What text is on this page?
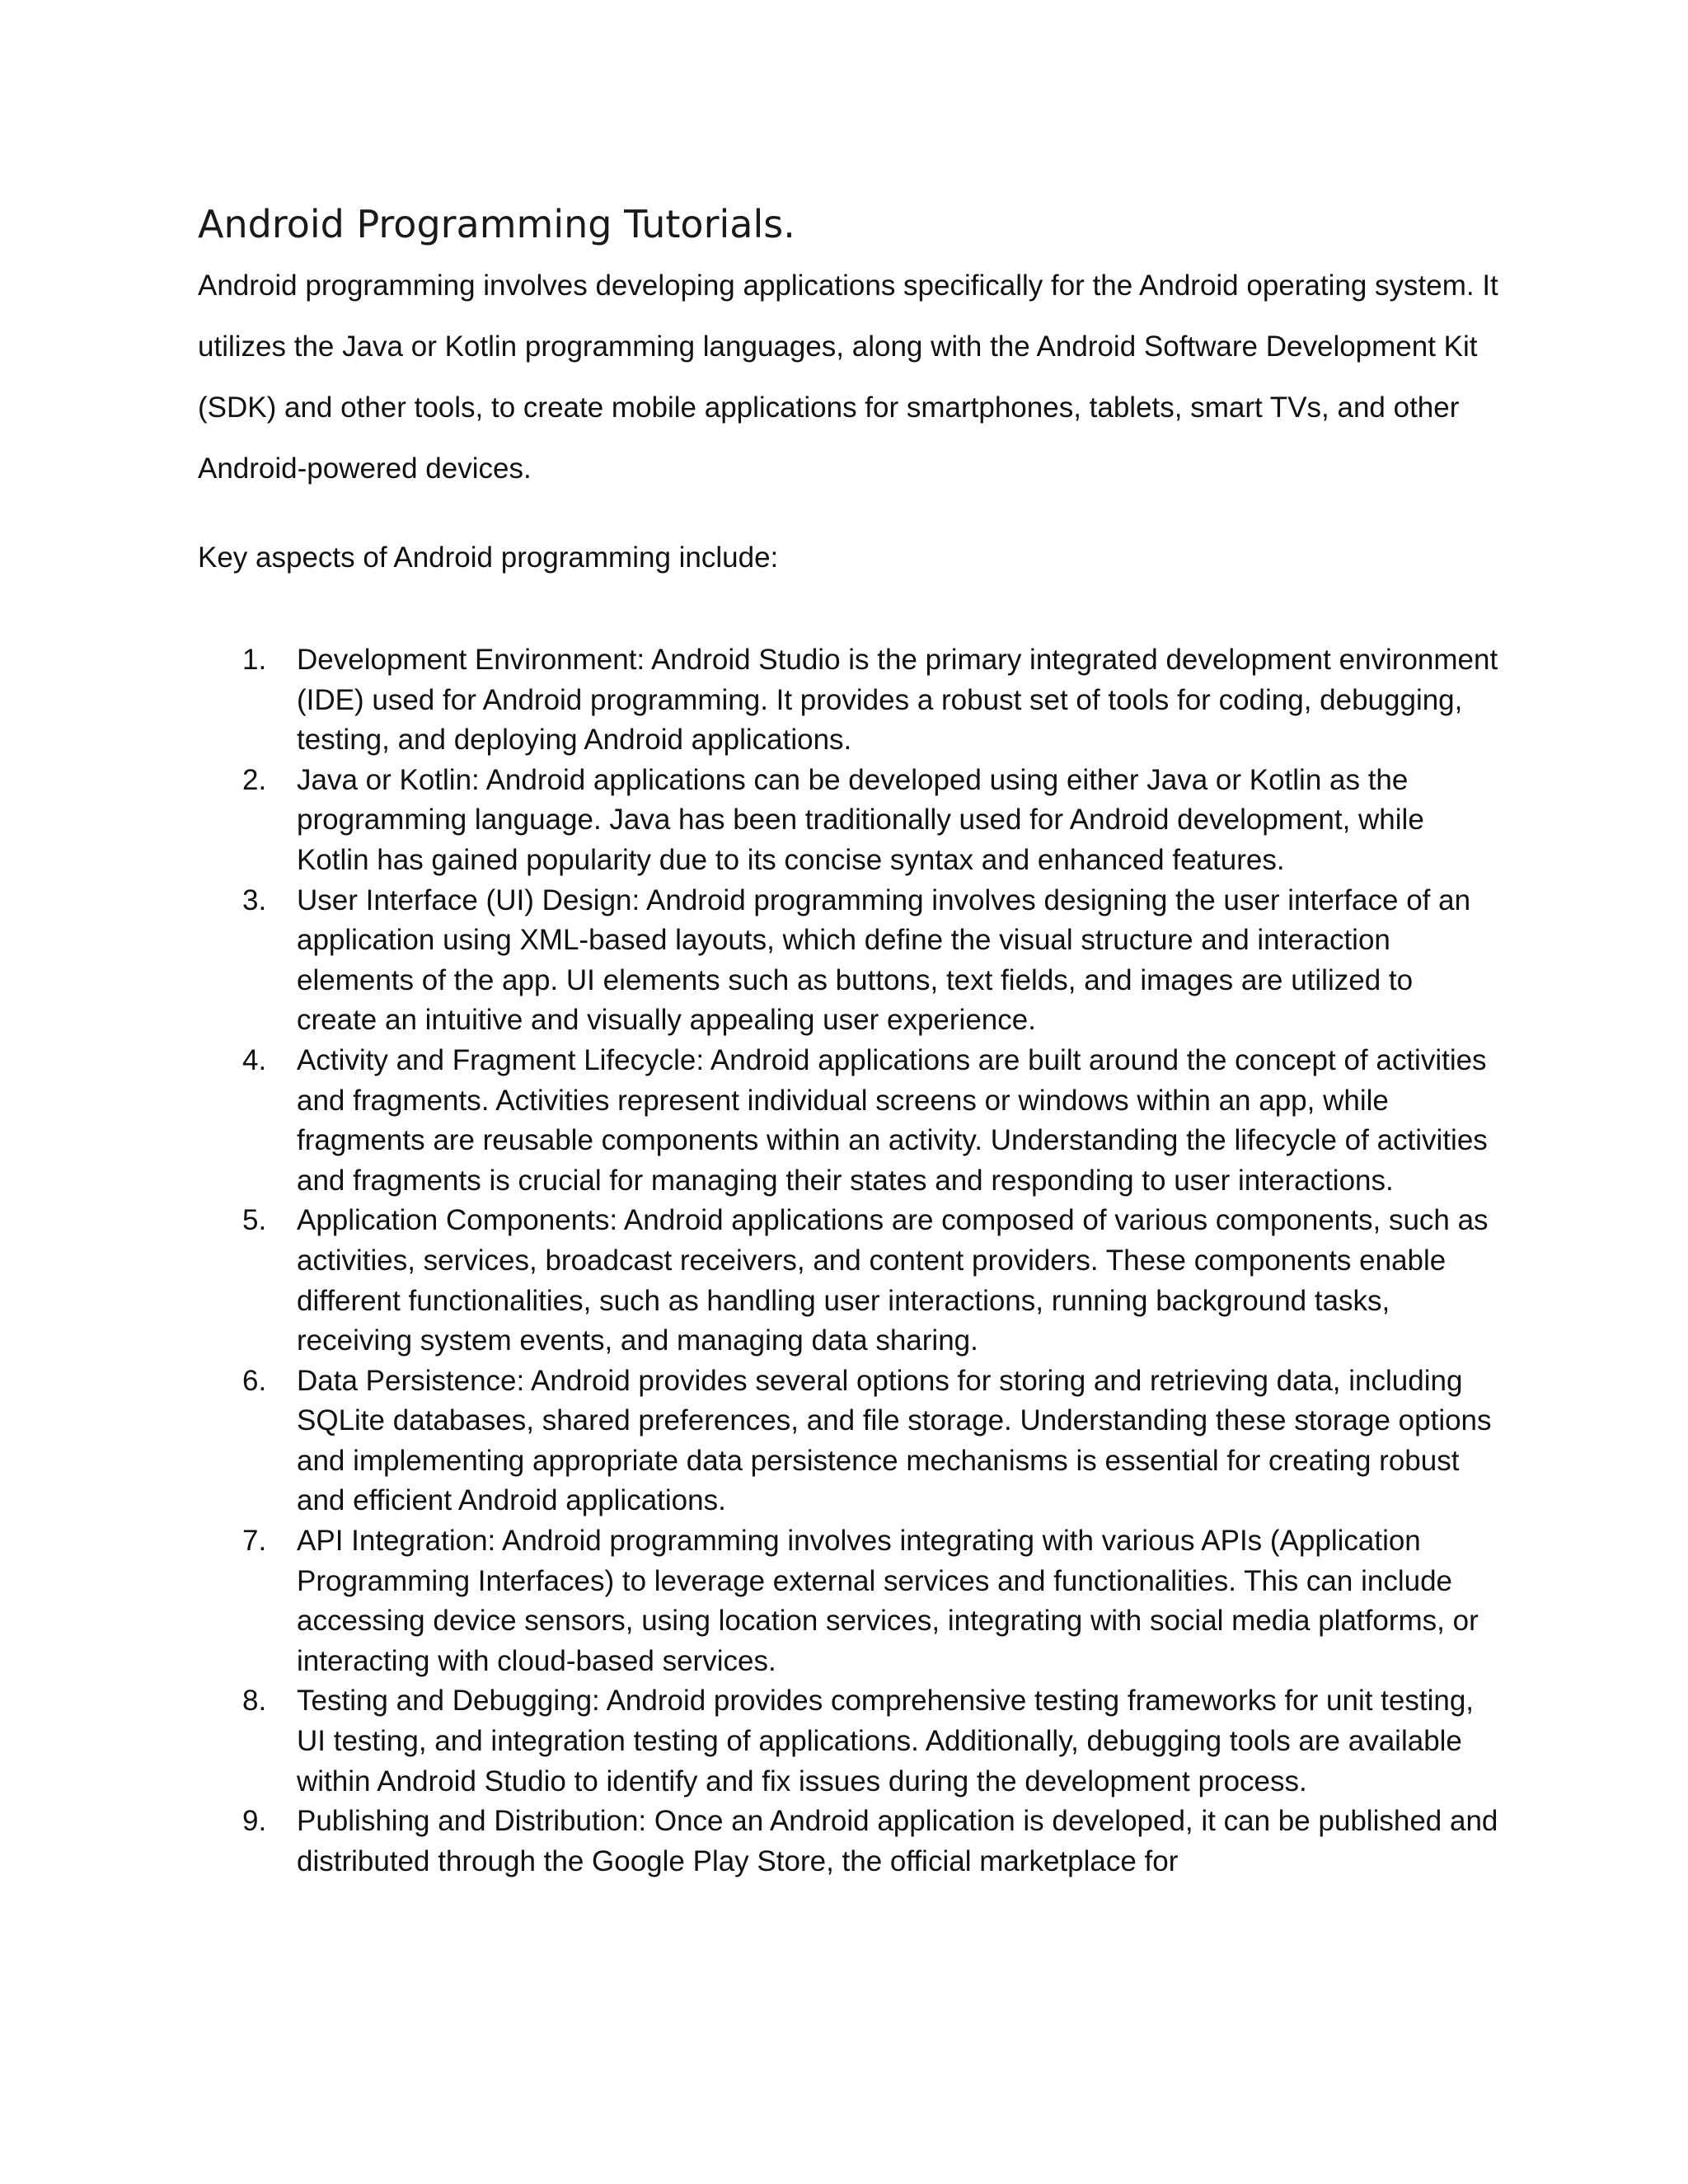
Android Programming Tutorials.

Android programming involves developing applications specifically for the Android operating system. It utilizes the Java or Kotlin programming languages, along with the Android Software Development Kit (SDK) and other tools, to create mobile applications for smartphones, tablets, smart TVs, and other Android-powered devices.

Key aspects of Android programming include:

1. Development Environment: Android Studio is the primary integrated development environment (IDE) used for Android programming. It provides a robust set of tools for coding, debugging, testing, and deploying Android applications.
2. Java or Kotlin: Android applications can be developed using either Java or Kotlin as the programming language. Java has been traditionally used for Android development, while Kotlin has gained popularity due to its concise syntax and enhanced features.
3. User Interface (UI) Design: Android programming involves designing the user interface of an application using XML-based layouts, which define the visual structure and interaction elements of the app. UI elements such as buttons, text fields, and images are utilized to create an intuitive and visually appealing user experience.
4. Activity and Fragment Lifecycle: Android applications are built around the concept of activities and fragments. Activities represent individual screens or windows within an app, while fragments are reusable components within an activity. Understanding the lifecycle of activities and fragments is crucial for managing their states and responding to user interactions.
5. Application Components: Android applications are composed of various components, such as activities, services, broadcast receivers, and content providers. These components enable different functionalities, such as handling user interactions, running background tasks, receiving system events, and managing data sharing.
6. Data Persistence: Android provides several options for storing and retrieving data, including SQLite databases, shared preferences, and file storage. Understanding these storage options and implementing appropriate data persistence mechanisms is essential for creating robust and efficient Android applications.
7. API Integration: Android programming involves integrating with various APIs (Application Programming Interfaces) to leverage external services and functionalities. This can include accessing device sensors, using location services, integrating with social media platforms, or interacting with cloud-based services.
8. Testing and Debugging: Android provides comprehensive testing frameworks for unit testing, UI testing, and integration testing of applications. Additionally, debugging tools are available within Android Studio to identify and fix issues during the development process.
9. Publishing and Distribution: Once an Android application is developed, it can be published and distributed through the Google Play Store, the official marketplace for
